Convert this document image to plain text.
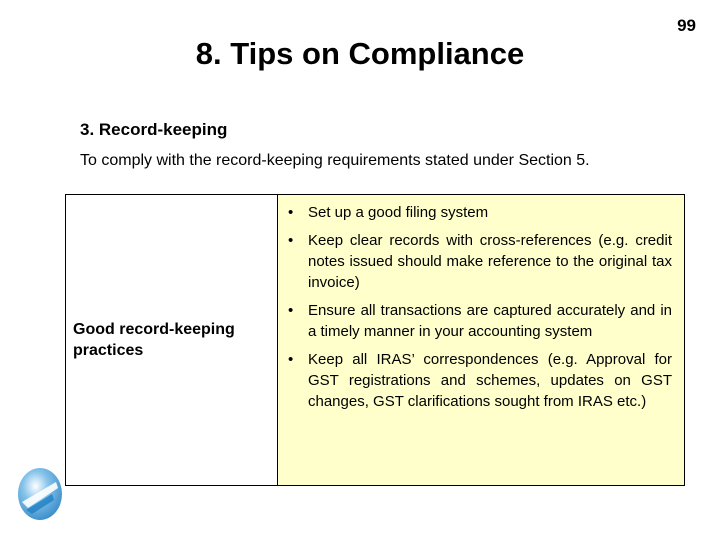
99
8. Tips on Compliance
3. Record-keeping
To comply with the record-keeping requirements stated under Section 5.
Good record-keeping practices
• Set up a good filing system
• Keep clear records with cross-references (e.g. credit notes issued should make reference to the original tax invoice)
• Ensure all transactions are captured accurately and in a timely manner in your accounting system
• Keep all IRAS’ correspondences (e.g. Approval for GST registrations and schemes, updates on GST changes, GST clarifications sought from IRAS etc.)
